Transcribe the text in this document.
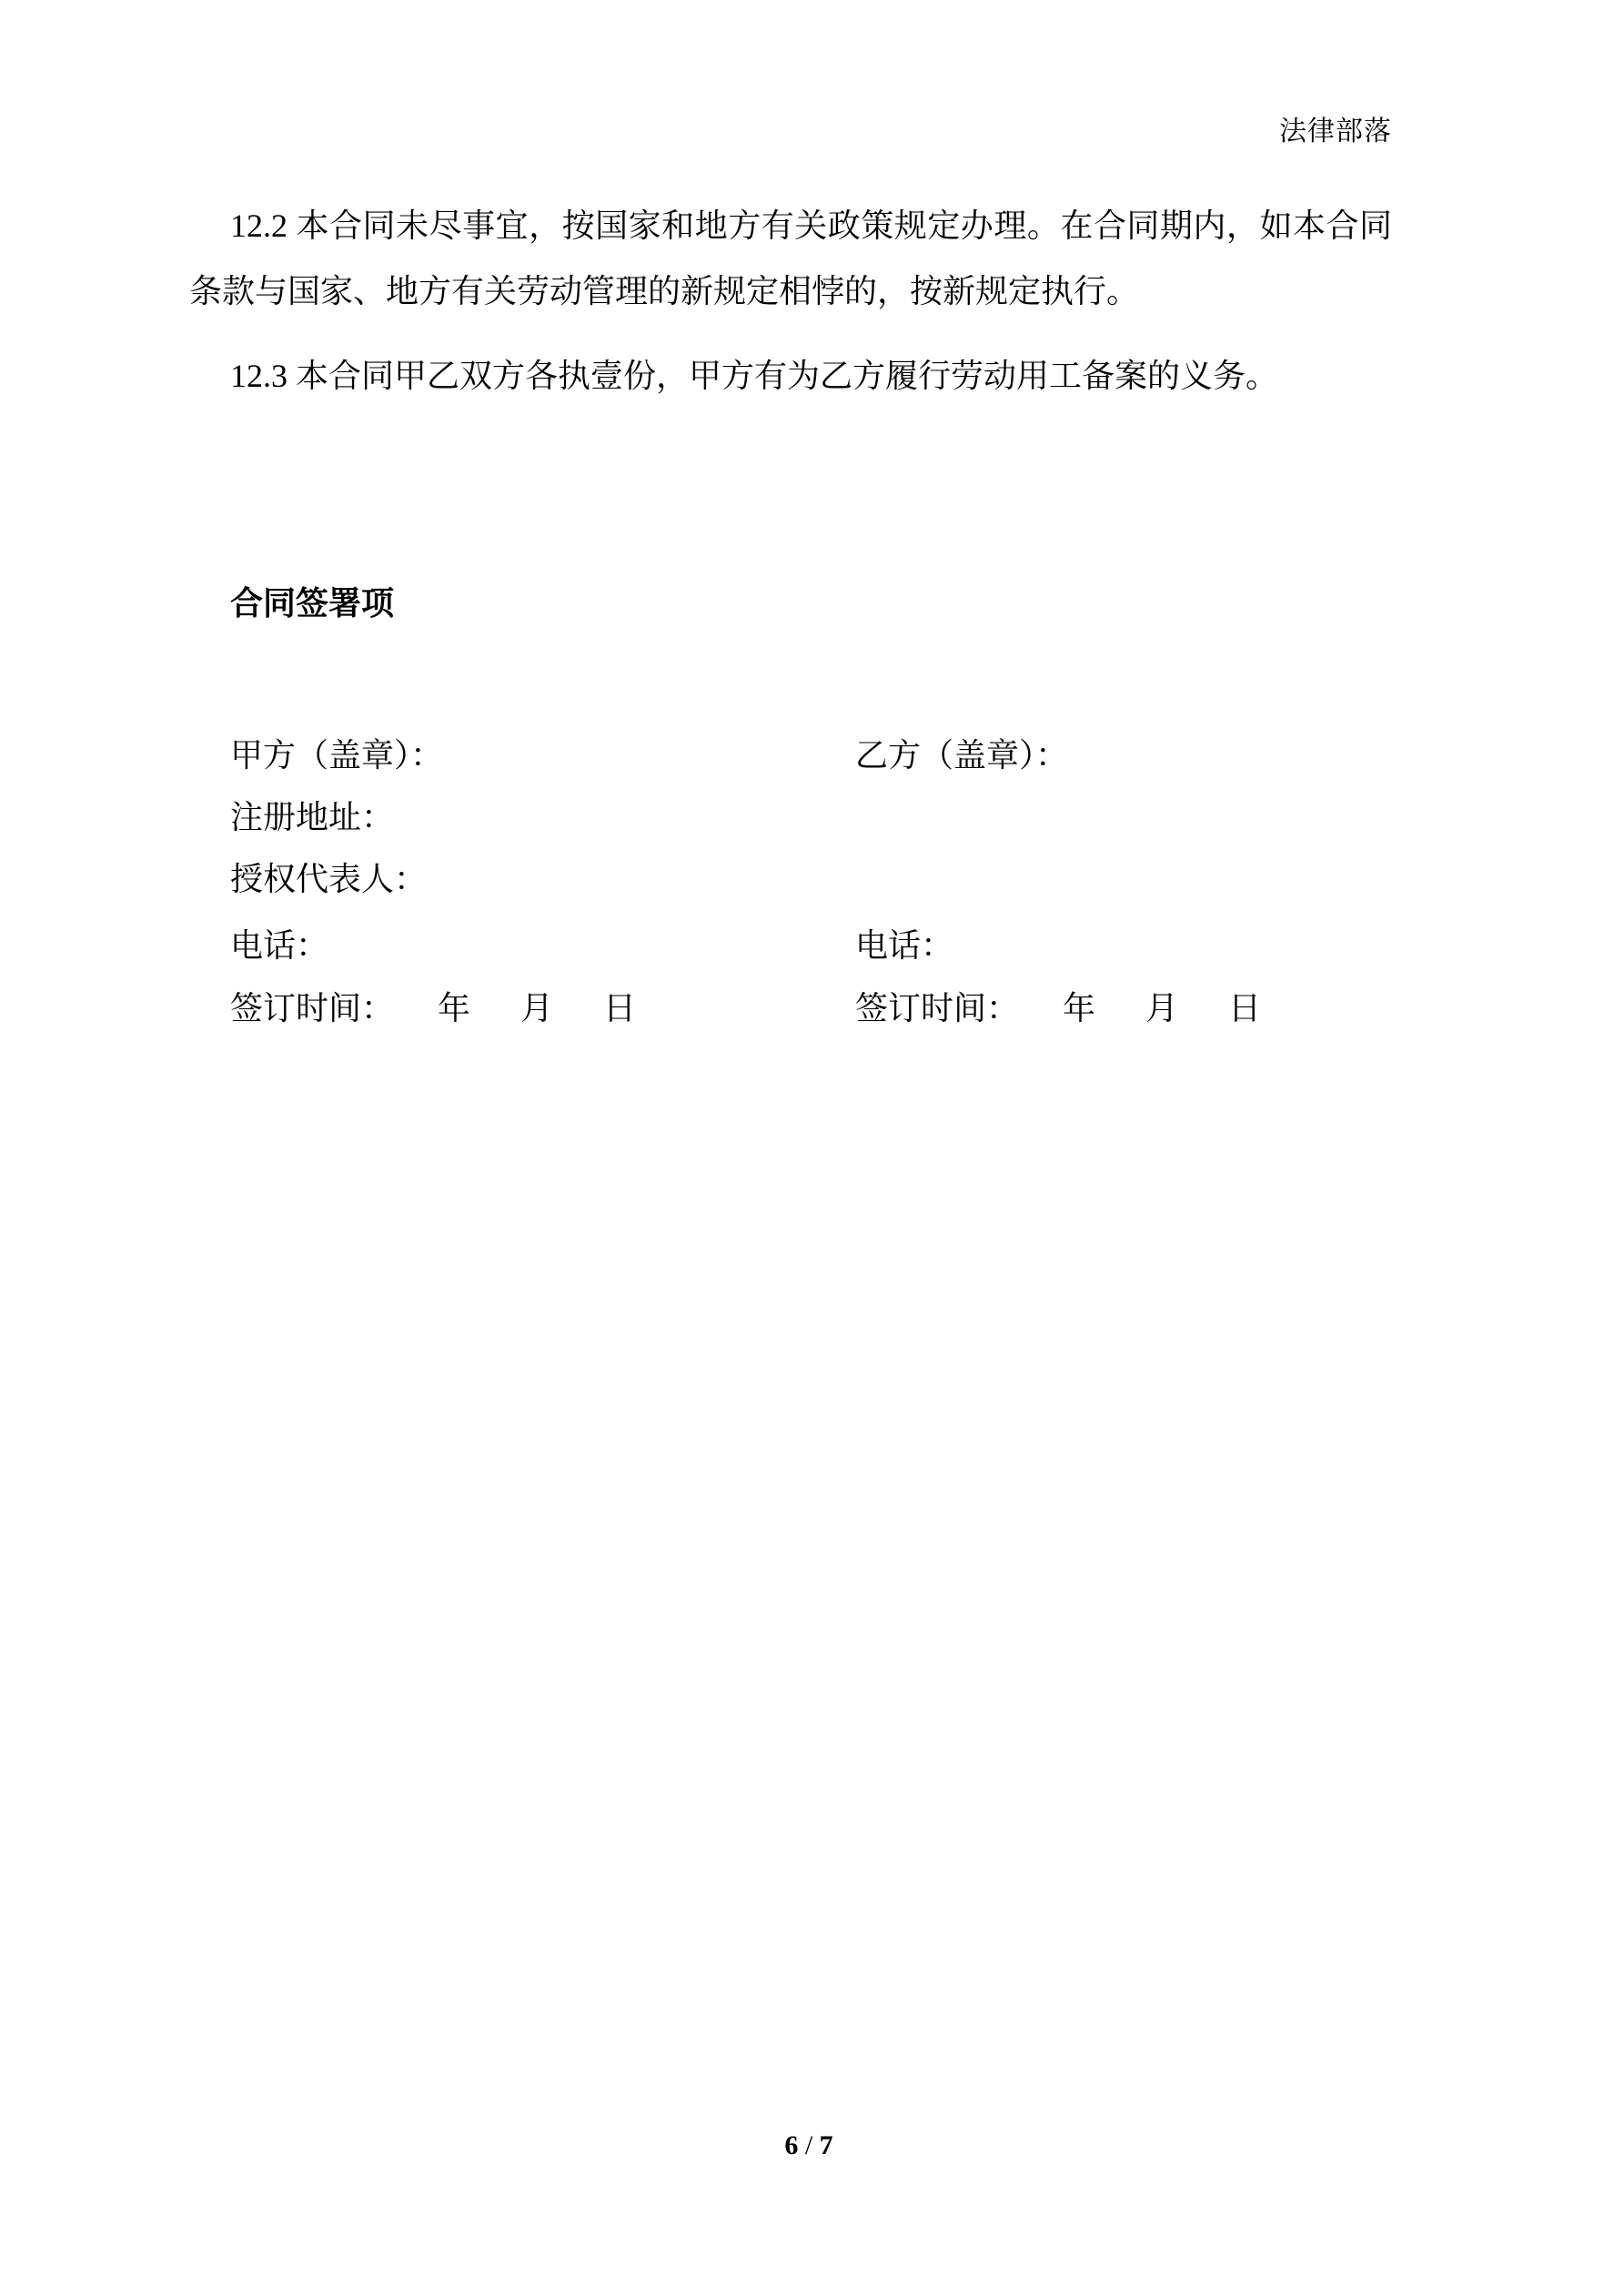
法律部落

12.2 本合同未尽事宜，按国家和地方有关政策规定办理。在合同期内，如本合同
条款与国家、地方有关劳动管理的新规定相悖的，按新规定执行。

12.3 本合同甲乙双方各执壹份，甲方有为乙方履行劳动用工备案的义务。

合同签署项
甲方（盖章）：	乙方（盖章）：
注册地址：
授权代表人：
电话：	电话：
签订时间： 年 月 日	签订时间： 年 月 日
6 / 7
